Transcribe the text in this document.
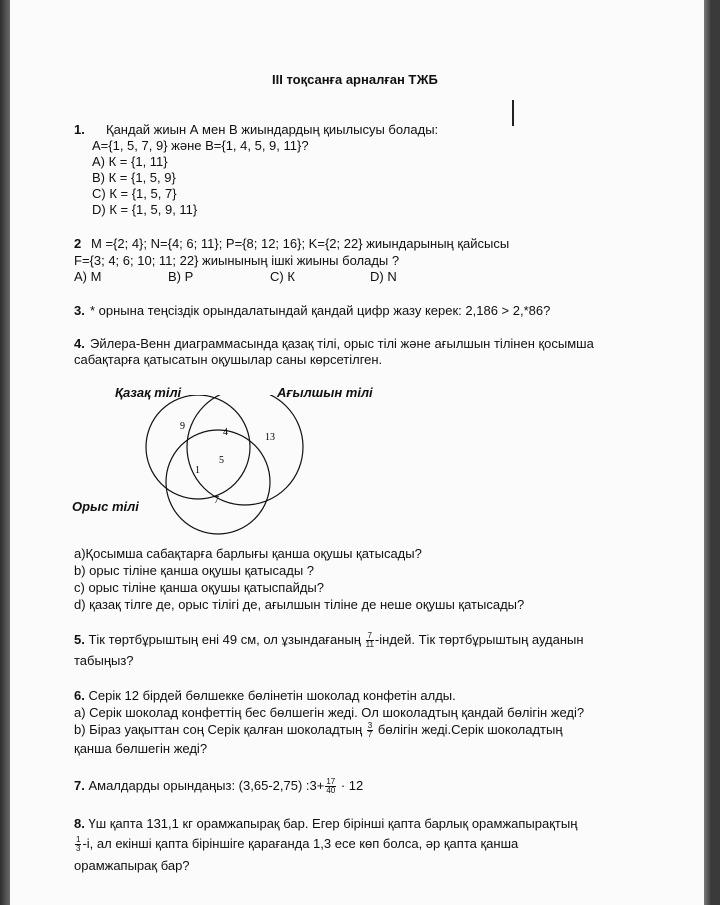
III тоқсанға арналған ТЖБ
1. Қандай жиын А мен В жиындардың қиылысуы болады:
A={1, 5, 7, 9} және B={1, 4, 5, 9, 11}?
А) К = {1, 11}
В) К = {1, 5, 9}
С) К = {1, 5, 7}
D) К = {1, 5, 9, 11}
2 M ={2; 4}; N={4; 6; 11}; P={8; 12; 16}; K={2; 22} жиындарының қайсысы
F={3; 4; 6; 10; 11; 22} жиынының ішкі жиыны болады ?
А) М	В) Р	С) К	D) N
3. * орнына теңсіздік орындалатындай қандай цифр жазу керек: 2,186 > 2,*86?
4. Эйлера-Венн диаграммасында қазақ тілі, орыс тілі және ағылшын тілінен қосымша
сабақтарға қатысатын оқушылар саны көрсетілген.
Қазақ тілі	Ағылшын тілі
Орыс тілі
9
4	13
5
1
7
а)Қосымша сабақтарға барлығы қанша оқушы қатысады?
b) орыс тіліне қанша оқушы қатысады ?
c) орыс тіліне қанша оқушы қатыспайды?
d) қазақ тілге де, орыс тілігі де, ағылшын тіліне де неше оқушы қатысады?
5. Тік төртбұрыштың ені 49 см, ол ұзындағаның $\frac{7}{11}$ -індей. Тік төртбұрыштың ауданын
табыңыз?
6. Серік 12 бірдей бөлшекке бөлінетін шоколад конфетін алды.
а) Серік шоколад конфеттің бес бөлшегін жеді. Ол шоколадтың қандай бөлігін жеді?
b) Біраз уақыттан соң Серік қалған шоколадтың $\frac{3}{7}$ бөлігін жеді.Серік шоколадтың
қанша бөлшегін жеді?
7. Амалдарды орындаңыз: (3,65-2,75) :3+ $\frac{17}{40} \cdot 12$
8. Үш қапта 131,1 кг орамжапырақ бар. Егер бірінші қапта барлық орамжапырақтың
$\frac{1}{3} -і$, ал екінші қапта біріншіге қарағанда 1,3 есе көп болса, әр қапта қанша
орамжапырақ бар?
